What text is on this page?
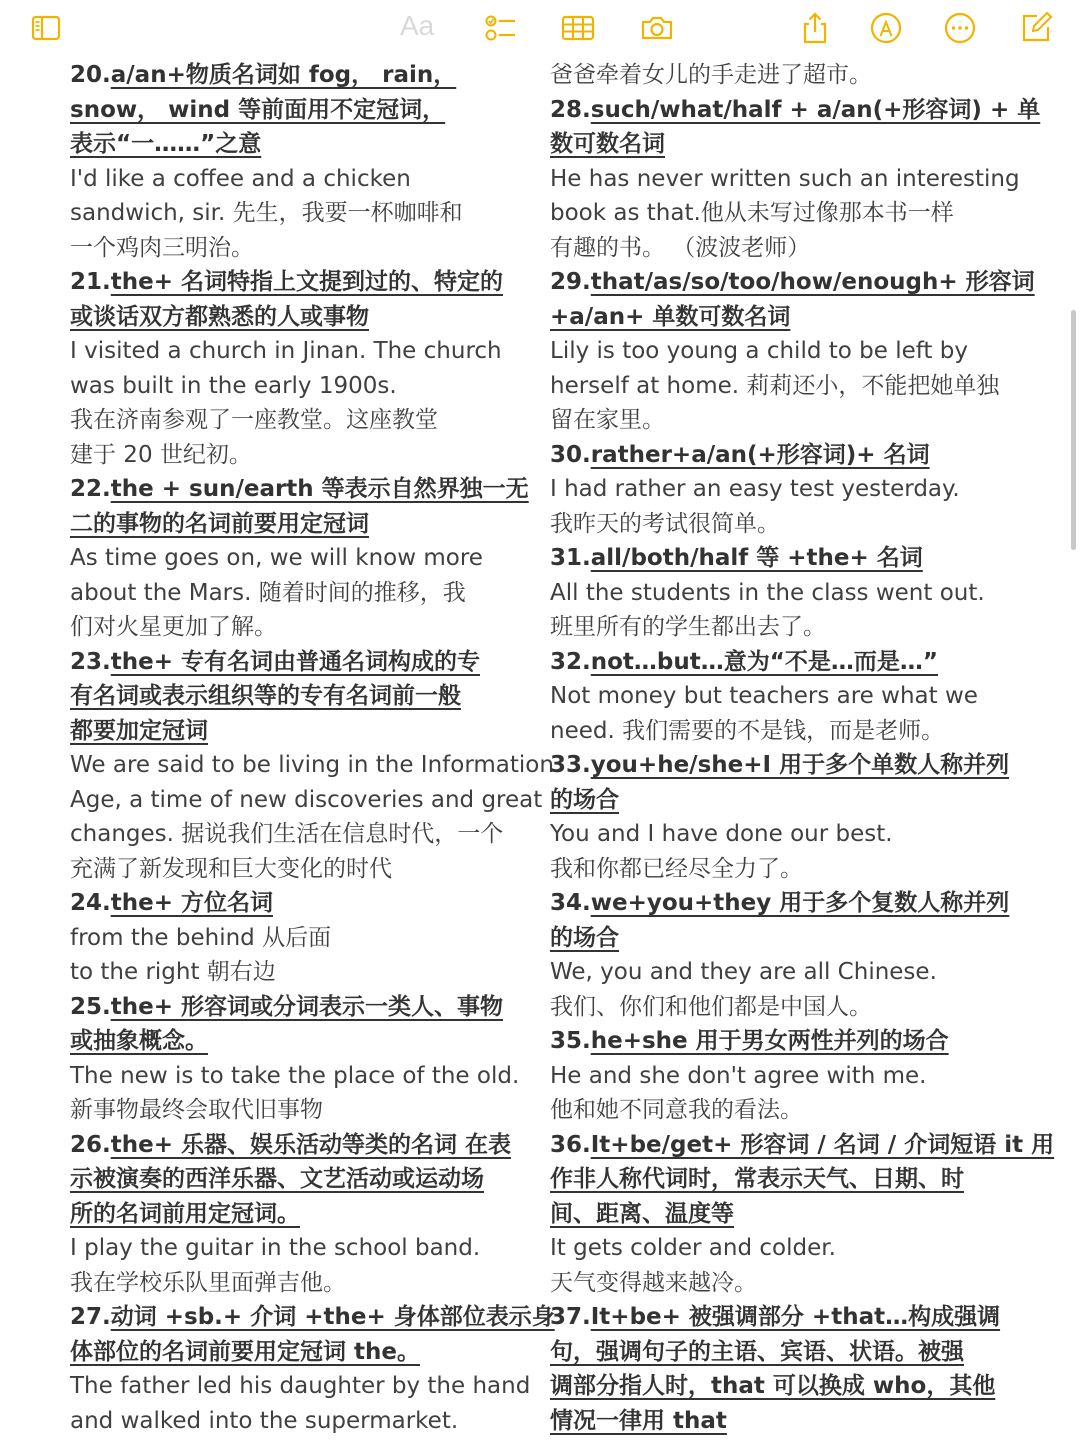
Aa
20.a/an+物质名词如 fog， rain，
snow， wind 等前面用不定冠词，
表示“一……”之意
I'd like a coffee and a chicken
sandwich, sir. 先生，我要一杯咖啡和
一个鸡肉三明治。
21.the+ 名词特指上文提到过的、特定的
或谈话双方都熟悉的人或事物
I visited a church in Jinan. The church
was built in the early 1900s.
我在济南参观了一座教堂。这座教堂
建于 20 世纪初。
22.the + sun/earth 等表示自然界独一无
二的事物的名词前要用定冠词
As time goes on, we will know more
about the Mars. 随着时间的推移，我
们对火星更加了解。
23.the+ 专有名词由普通名词构成的专
有名词或表示组织等的专有名词前一般
都要加定冠词
We are said to be living in the Information
Age, a time of new discoveries and great
changes. 据说我们生活在信息时代，一个
充满了新发现和巨大变化的时代
24.the+ 方位名词
from the behind 从后面
to the right 朝右边
25.the+ 形容词或分词表示一类人、事物
或抽象概念。
The new is to take the place of the old.
新事物最终会取代旧事物
26.the+ 乐器、娱乐活动等类的名词 在表
示被演奏的西洋乐器、文艺活动或运动场
所的名词前用定冠词。
I play the guitar in the school band.
我在学校乐队里面弹吉他。
27.动词 +sb.+ 介词 +the+ 身体部位表示身
体部位的名词前要用定冠词 the。
The father led his daughter by the hand
and walked into the supermarket.
爸爸牵着女儿的手走进了超市。
28.such/what/half + a/an(+形容词) + 单
数可数名词
He has never written such an interesting
book as that.他从未写过像那本书一样
有趣的书。 （波波老师）
29.that/as/so/too/how/enough+ 形容词
+a/an+ 单数可数名词
Lily is too young a child to be left by
herself at home. 莉莉还小，不能把她单独
留在家里。
30.rather+a/an(+形容词)+ 名词
I had rather an easy test yesterday.
我昨天的考试很简单。
31.all/both/half 等 +the+ 名词
All the students in the class went out.
班里所有的学生都出去了。
32.not…but…意为“不是…而是…”
Not money but teachers are what we
need. 我们需要的不是钱，而是老师。
33.you+he/she+I 用于多个单数人称并列
的场合
You and I have done our best.
我和你都已经尽全力了。
34.we+you+they 用于多个复数人称并列
的场合
We, you and they are all Chinese.
我们、你们和他们都是中国人。
35.he+she 用于男女两性并列的场合
He and she don't agree with me.
他和她不同意我的看法。
36.It+be/get+ 形容词 / 名词 / 介词短语 it 用
作非人称代词时，常表示天气、日期、时
间、距离、温度等
It gets colder and colder.
天气变得越来越冷。
37.It+be+ 被强调部分 +that…构成强调
句，强调句子的主语、宾语、状语。被强
调部分指人时，that 可以换成 who，其他
情况一律用 that
